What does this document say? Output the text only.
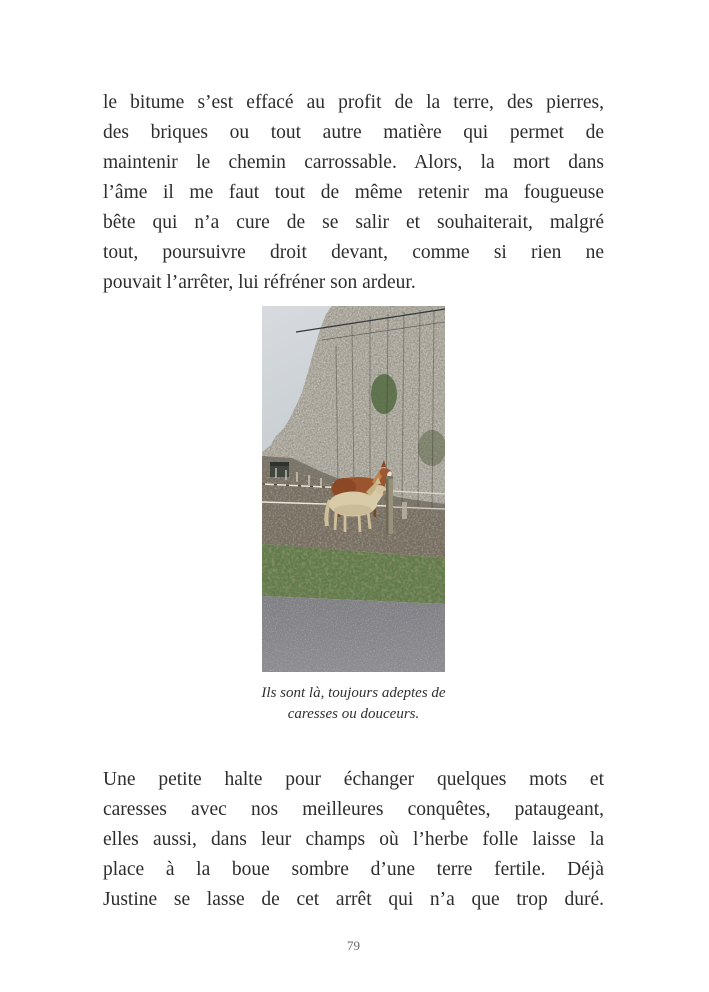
le bitume s’est effacé au profit de la terre, des pierres,
des briques ou tout autre matière qui permet de
maintenir le chemin carrossable. Alors, la mort dans
l’âme il me faut tout de même retenir ma fougueuse
bête qui n’a cure de se salir et souhaiterait, malgré
tout, poursuivre droit devant, comme si rien ne
pouvait l’arrêter, lui réfréner son ardeur.
Ils sont là, toujours adeptes de
caresses ou douceurs.
Une petite halte pour échanger quelques mots et
caresses avec nos meilleures conquêtes, pataugeant,
elles aussi, dans leur champs où l’herbe folle laisse la
place à la boue sombre d’une terre fertile. Déjà
Justine se lasse de cet arrêt qui n’a que trop duré.
79
